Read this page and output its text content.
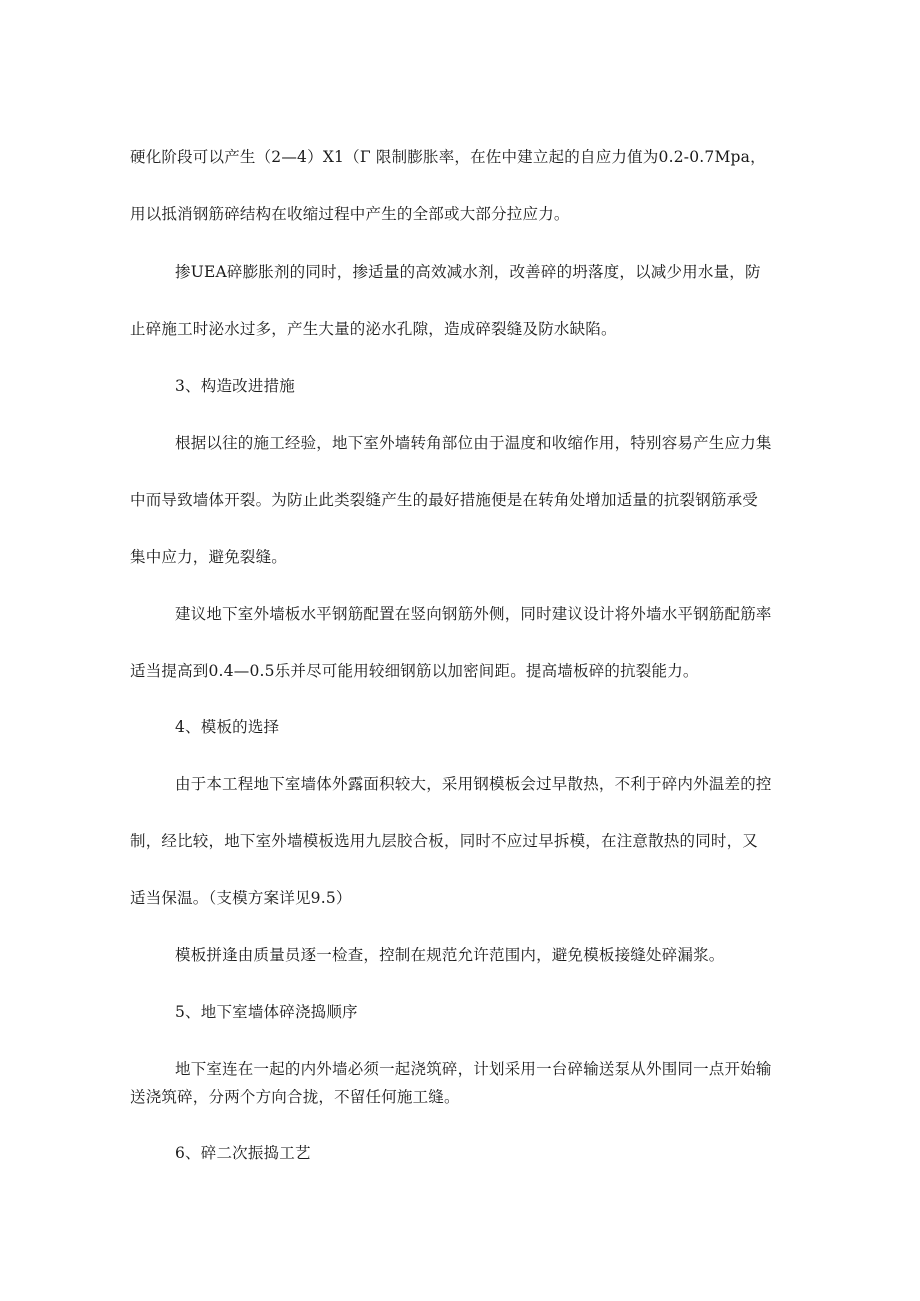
硬化阶段可以产生（2—4）X1（Γ 限制膨胀率，在佐中建立起的自应力值为0.2-0.7Mpa，
用以抵消钢筋碎结构在收缩过程中产生的全部或大部分拉应力。
掺UEA碎膨胀剂的同时，掺适量的高效减水剂，改善碎的坍落度，以减少用水量，防
止碎施工时泌水过多，产生大量的泌水孔隙，造成碎裂缝及防水缺陷。
3、构造改进措施
根据以往的施工经验，地下室外墙转角部位由于温度和收缩作用，特别容易产生应力集
中而导致墙体开裂。为防止此类裂缝产生的最好措施便是在转角处增加适量的抗裂钢筋承受
集中应力，避免裂缝。
建议地下室外墙板水平钢筋配置在竖向钢筋外侧，同时建议设计将外墙水平钢筋配筋率
适当提高到0.4—0.5乐并尽可能用较细钢筋以加密间距。提高墙板碎的抗裂能力。
4、模板的选择
由于本工程地下室墙体外露面积较大，采用钢模板会过早散热，不利于碎内外温差的控
制，经比较，地下室外墙模板选用九层胶合板，同时不应过早拆模，在注意散热的同时，又
适当保温。（支模方案详见9.5）
模板拼逢由质量员逐一检查，控制在规范允许范围内，避免模板接缝处碎漏浆。
5、地下室墙体碎浇捣顺序
地下室连在一起的内外墙必须一起浇筑碎，计划采用一台碎输送泵从外围同一点开始输
送浇筑碎，分两个方向合拢，不留任何施工缝。
6、碎二次振捣工艺
